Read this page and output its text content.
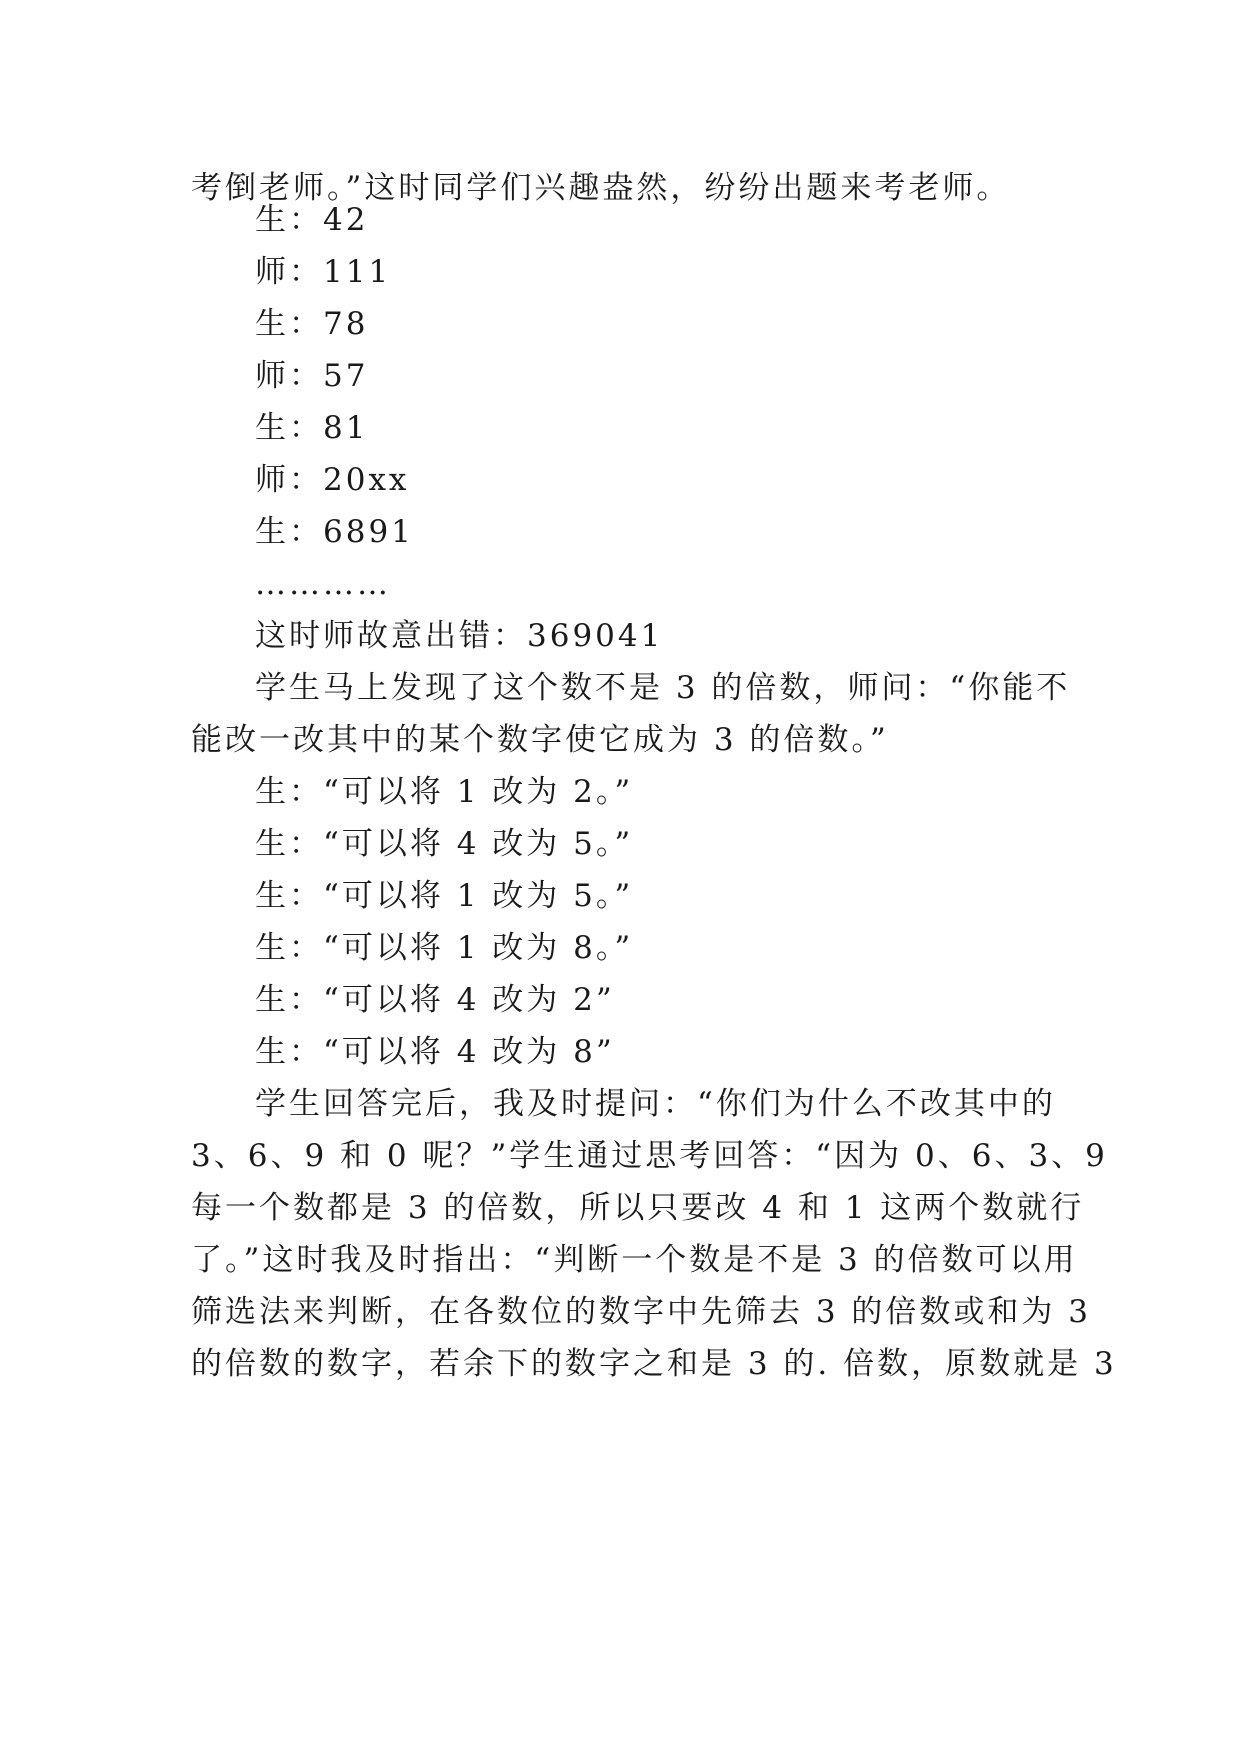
考倒老师。”这时同学们兴趣盎然，纷纷出题来考老师。
生：42
师：111
生：78
师：57
生：81
师：20xx
生：6891
…………
这时师故意出错：369041
学生马上发现了这个数不是 3 的倍数，师问：“你能不
能改一改其中的某个数字使它成为 3 的倍数。”
生：“可以将 1 改为 2。”
生：“可以将 4 改为 5。”
生：“可以将 1 改为 5。”
生：“可以将 1 改为 8。”
生：“可以将 4 改为 2”
生：“可以将 4 改为 8”
学生回答完后，我及时提问：“你们为什么不改其中的
3、6、9 和 0 呢？”学生通过思考回答：“因为 0、6、3、9
每一个数都是 3 的倍数，所以只要改 4 和 1 这两个数就行
了。”这时我及时指出：“判断一个数是不是 3 的倍数可以用
筛选法来判断，在各数位的数字中先筛去 3 的倍数或和为 3
的倍数的数字，若余下的数字之和是 3 的. 倍数，原数就是 3
